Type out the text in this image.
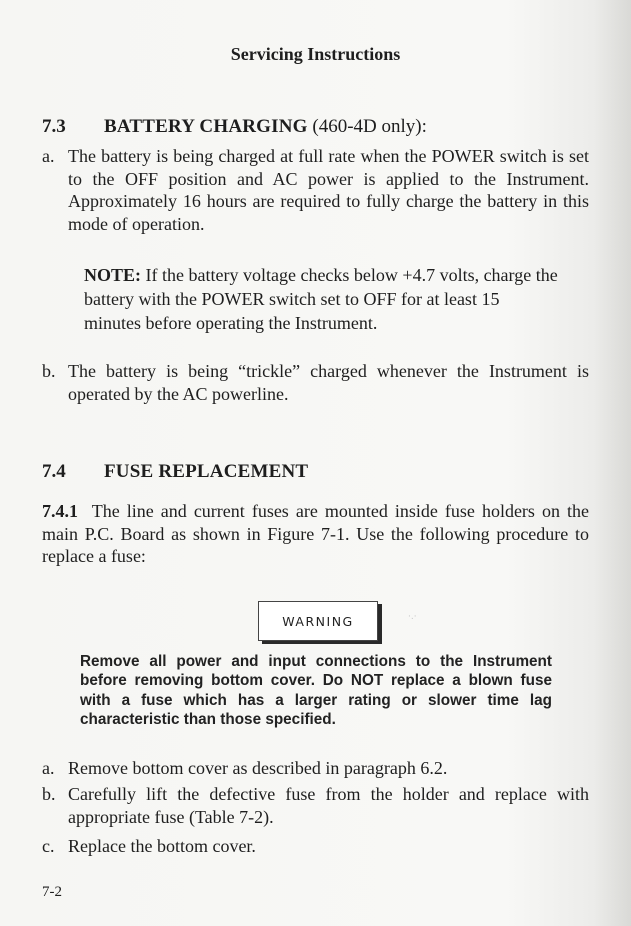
Servicing Instructions
7.3 BATTERY CHARGING (460-4D only):
a. The battery is being charged at full rate when the POWER switch is set to the OFF position and AC power is applied to the Instrument. Approximately 16 hours are required to fully charge the battery in this mode of operation.
NOTE: If the battery voltage checks below +4.7 volts, charge the battery with the POWER switch set to OFF for at least 15 minutes before operating the Instrument.
b. The battery is being “trickle” charged whenever the Instrument is operated by the AC powerline.
7.4 FUSE REPLACEMENT
7.4.1 The line and current fuses are mounted inside fuse holders on the main P.C. Board as shown in Figure 7-1. Use the following procedure to replace a fuse:
WARNING	·.·
Remove all power and input connections to the Instrument before removing bottom cover. Do NOT replace a blown fuse with a fuse which has a larger rating or slower time lag characteristic than those specified.
a. Remove bottom cover as described in paragraph 6.2.
b. Carefully lift the defective fuse from the holder and replace with appropriate fuse (Table 7-2).
c. Replace the bottom cover.
7-2
